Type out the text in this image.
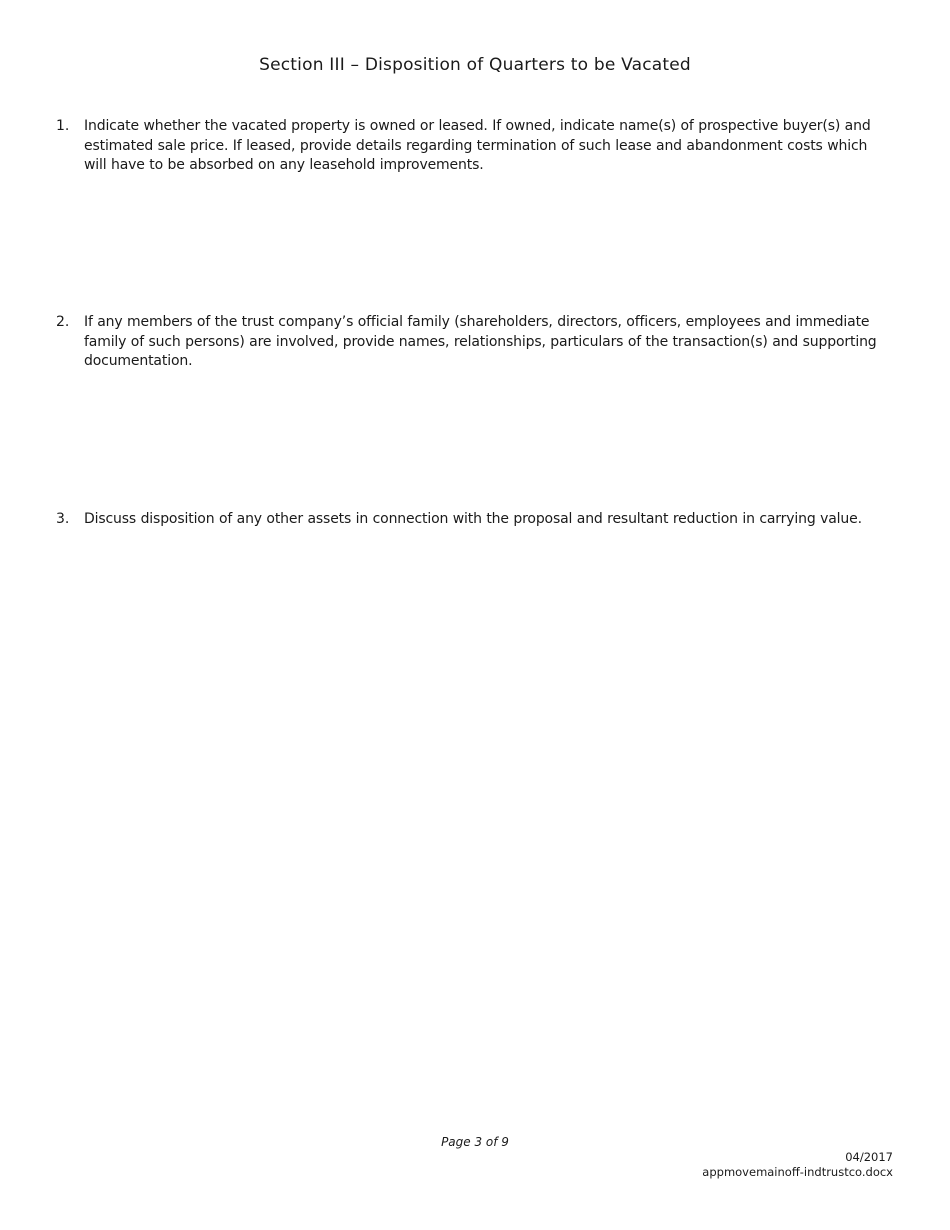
Section III – Disposition of Quarters to be Vacated
1.	Indicate whether the vacated property is owned or leased. If owned, indicate name(s) of prospective buyer(s) and estimated sale price. If leased, provide details regarding termination of such lease and abandonment costs which will have to be absorbed on any leasehold improvements.
2.	If any members of the trust company’s official family (shareholders, directors, officers, employees and immediate family of such persons) are involved, provide names, relationships, particulars of the transaction(s) and supporting documentation.
3.	Discuss disposition of any other assets in connection with the proposal and resultant reduction in carrying value.
Page 3 of 9
04/2017
appmovemainoff-indtrustco.docx
